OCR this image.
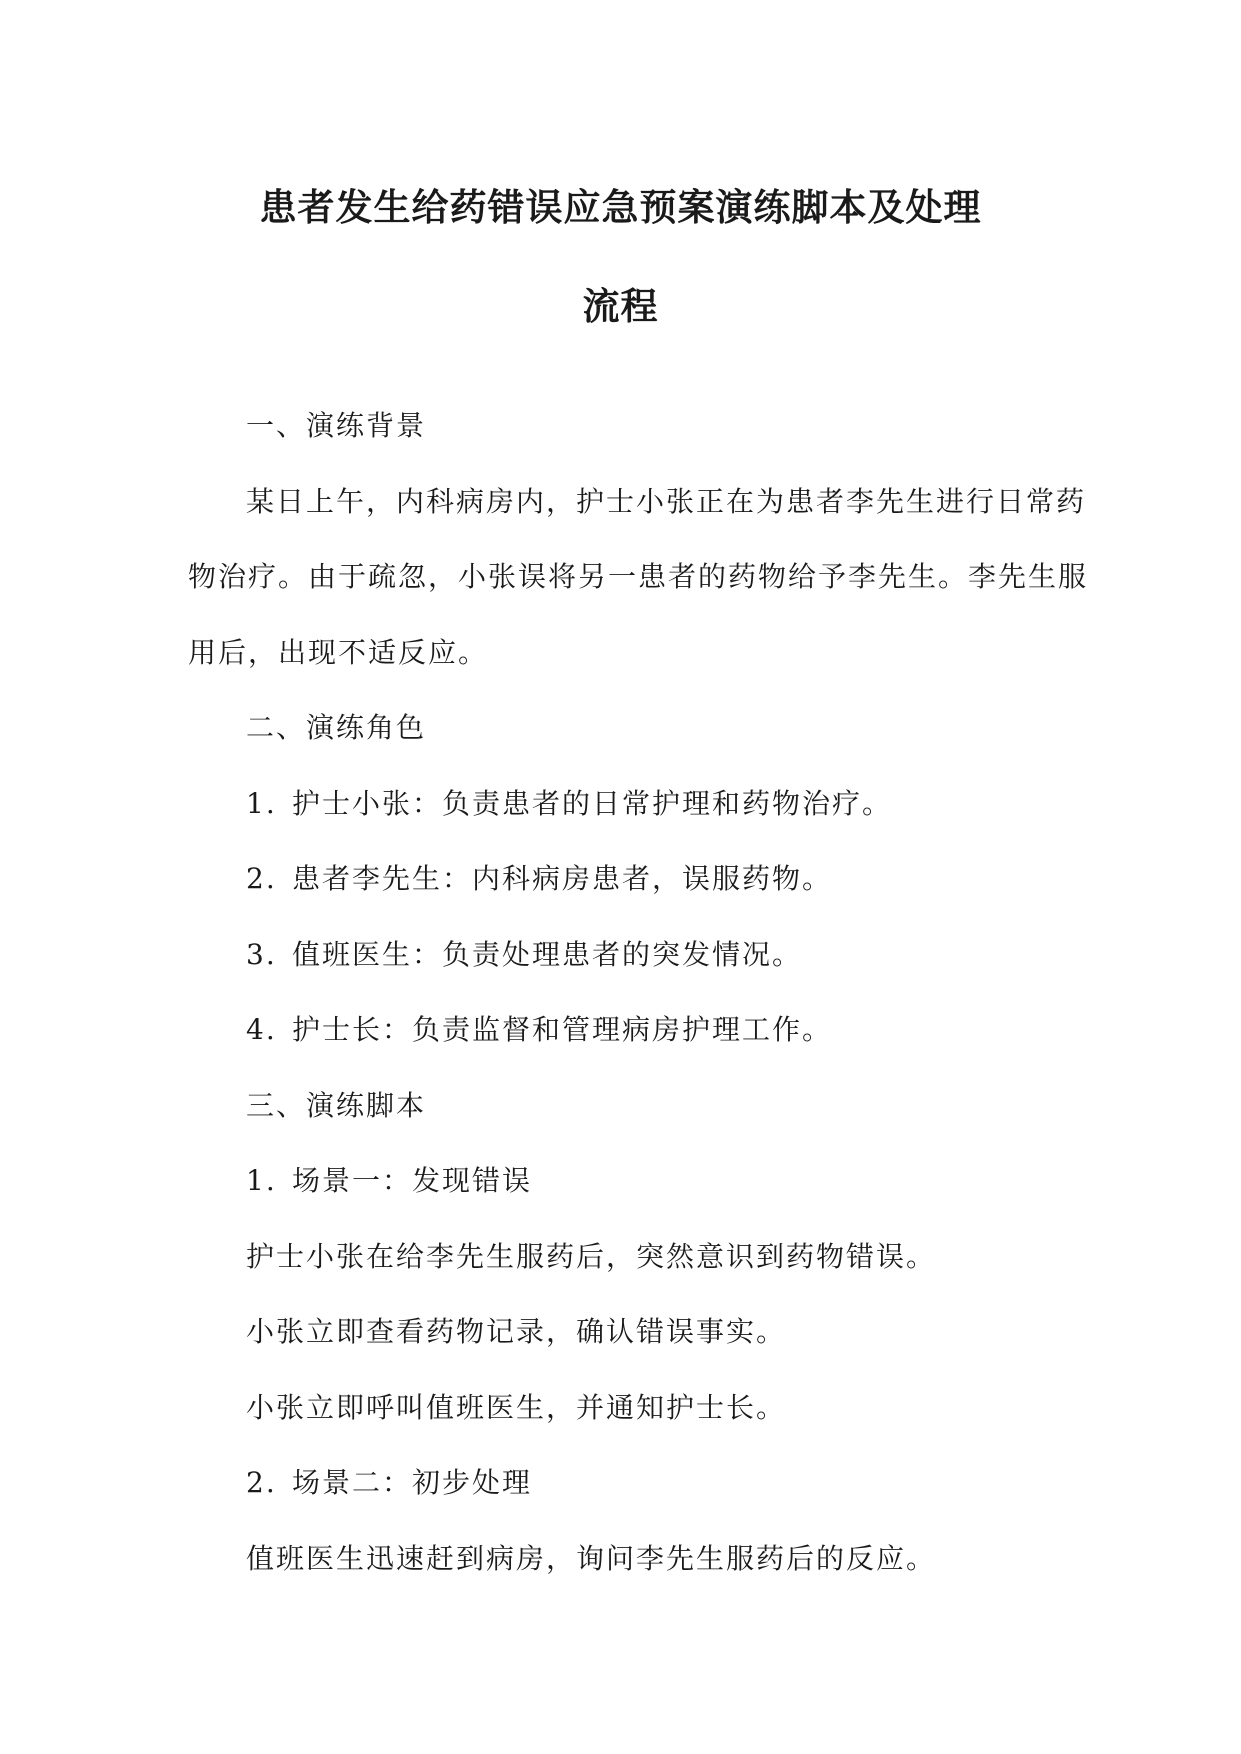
患者发生给药错误应急预案演练脚本及处理
流程
一、演练背景
某日上午，内科病房内，护士小张正在为患者李先生进行日常药
物治疗。由于疏忽，小张误将另一患者的药物给予李先生。李先生服
用后，出现不适反应。
二、演练角色
1. 护士小张：负责患者的日常护理和药物治疗。
2. 患者李先生：内科病房患者，误服药物。
3. 值班医生：负责处理患者的突发情况。
4. 护士长：负责监督和管理病房护理工作。
三、演练脚本
1. 场景一：发现错误
护士小张在给李先生服药后，突然意识到药物错误。
小张立即查看药物记录，确认错误事实。
小张立即呼叫值班医生，并通知护士长。
2. 场景二：初步处理
值班医生迅速赶到病房，询问李先生服药后的反应。
